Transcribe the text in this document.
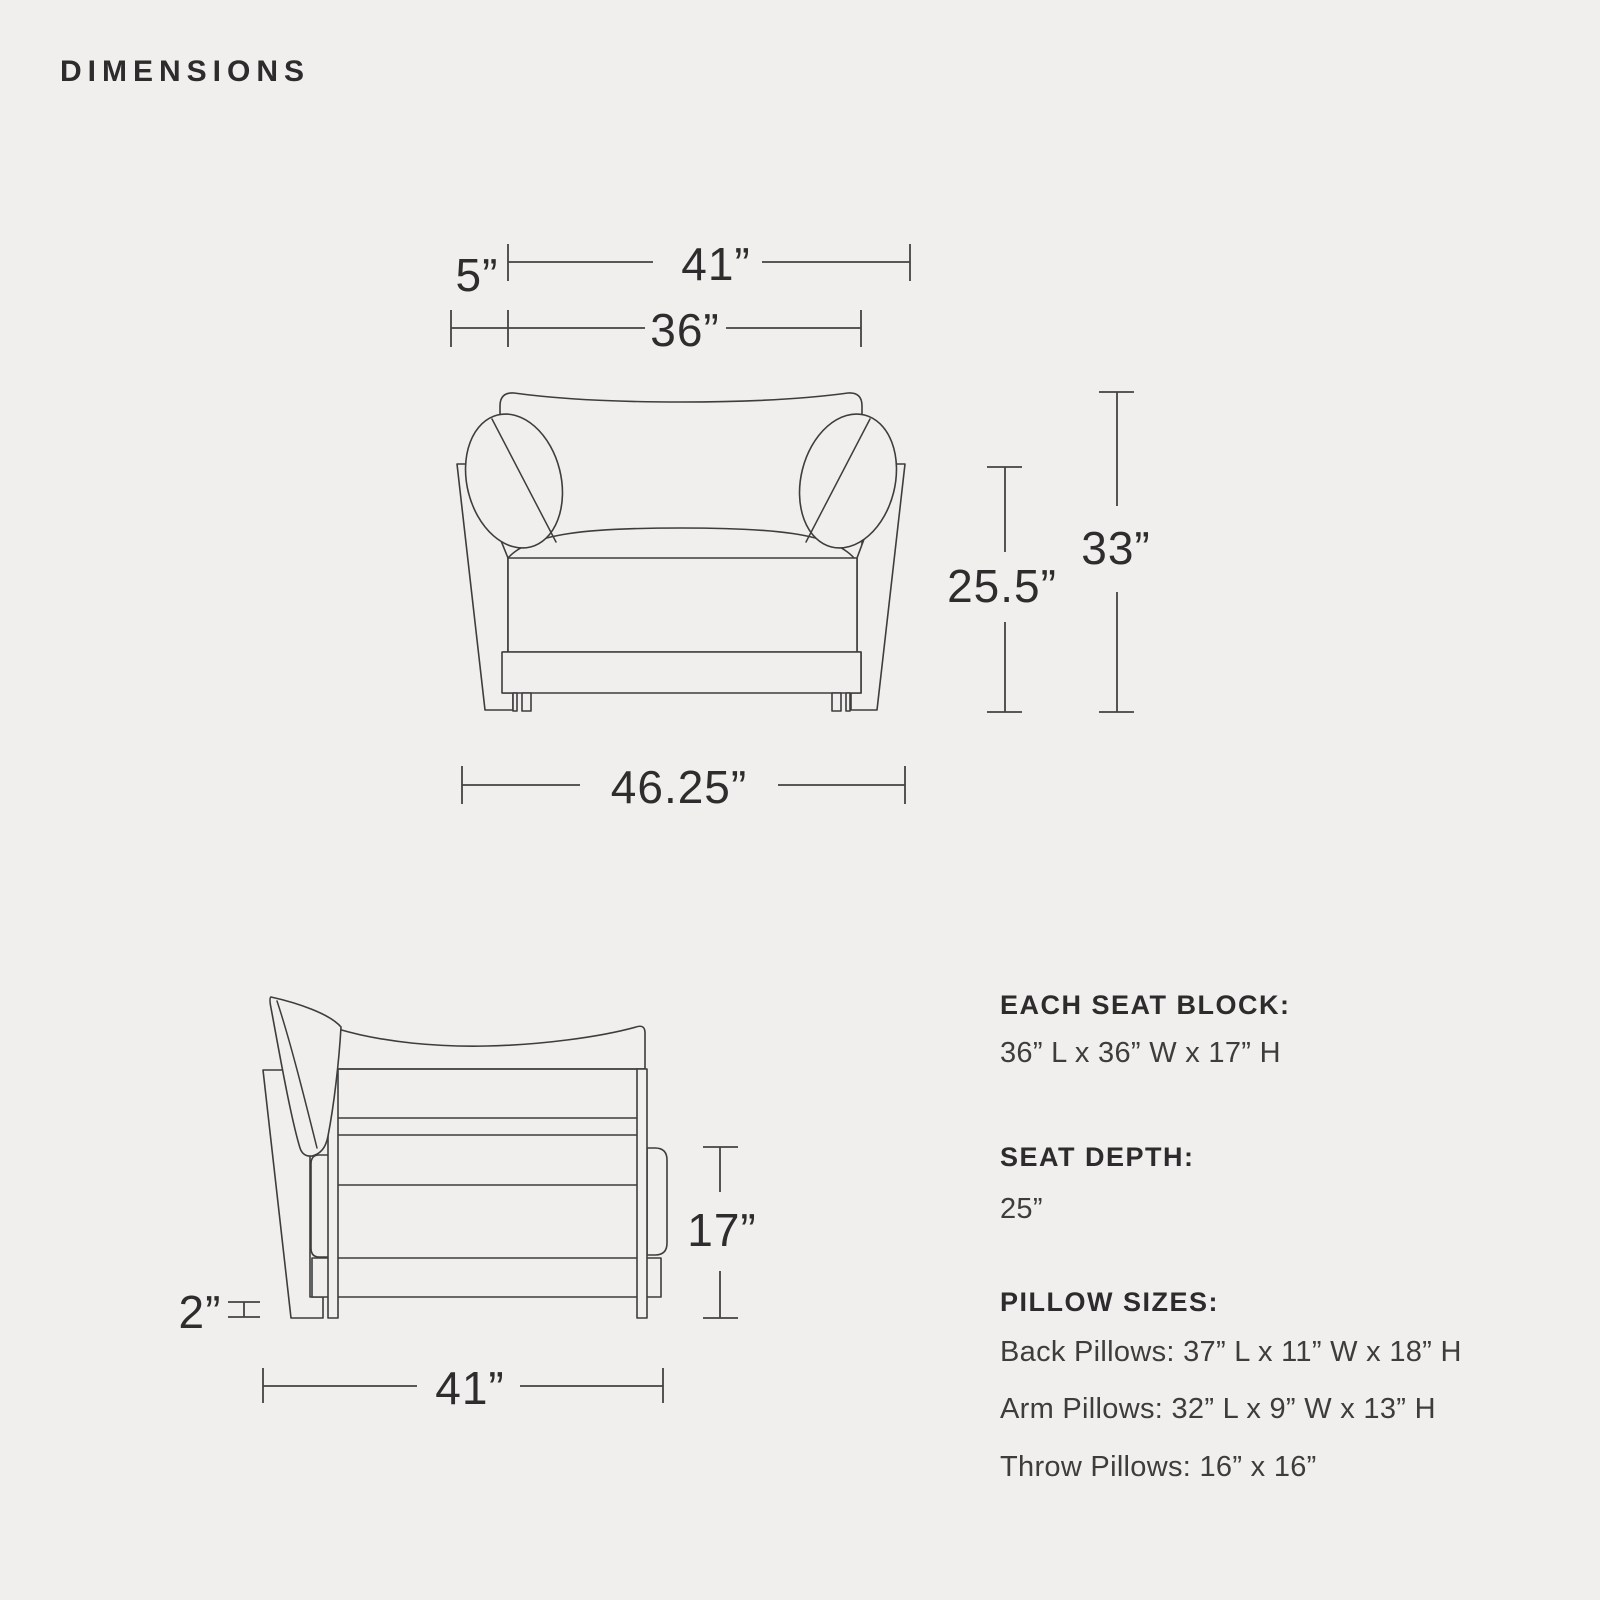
DIMENSIONS
41”
5”
36”
46.25”
25.5”
33”
17”
2”
41”
EACH SEAT BLOCK:
36” L x 36” W x 17” H
SEAT DEPTH:
25”
PILLOW SIZES:
Back Pillows: 37” L x 11” W x 18” H
Arm Pillows: 32” L x 9” W x 13” H
Throw Pillows: 16” x 16”
